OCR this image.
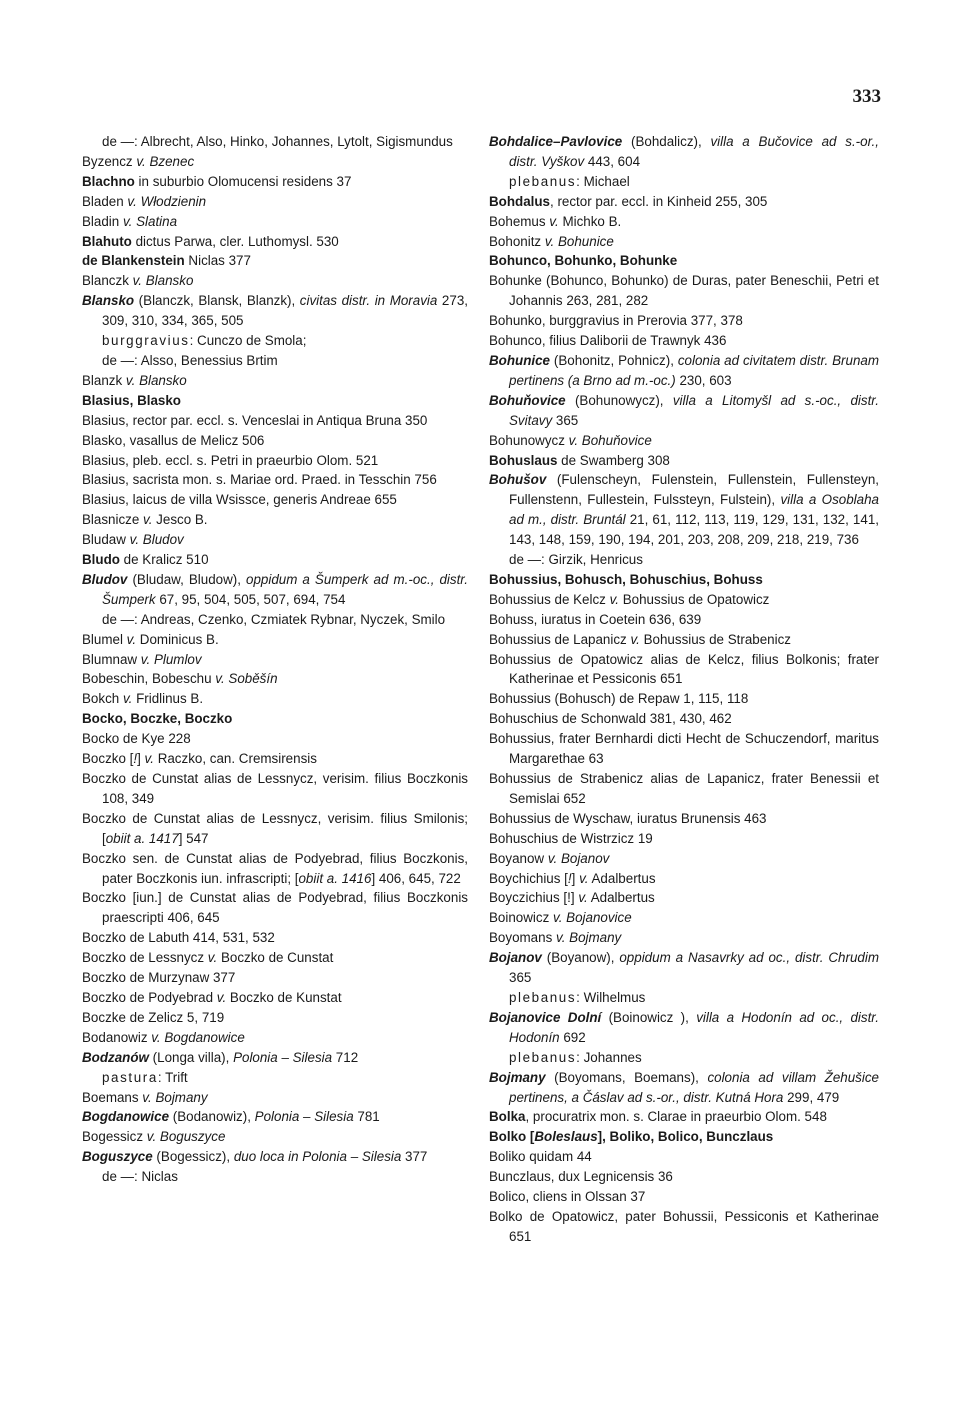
333
de —: Albrecht, Also, Hinko, Johannes, Lytolt, Sigismundus
Byzencz v. Bzenec
Blachno in suburbio Olomucensi residens 37
Bladen v. Włodzienin
Bladin v. Slatina
Blahuto dictus Parwa, cler. Luthomysl. 530
de Blankenstein Niclas 377
Blanczk v. Blansko
Blansko (Blanczk, Blansk, Blanzk), civitas distr. in Moravia 273, 309, 310, 334, 365, 505
burggravius: Cunczo de Smola;
de —: Alsso, Benessius Brtim
Blanzk v. Blansko
Blasius, Blasko
Blasius, rector par. eccl. s. Venceslai in Antiqua Bruna 350
Blasko, vasallus de Melicz 506
Blasius, pleb. eccl. s. Petri in praeurbio Olom. 521
Blasius, sacrista mon. s. Mariae ord. Praed. in Tesschin 756
Blasius, laicus de villa Wsissce, generis Andreae 655
Blasnicze v. Jesco B.
Bludaw v. Bludov
Bludo de Kralicz 510
Bludov (Bludaw, Bludow), oppidum a Šumperk ad m.-oc., distr. Šumperk 67, 95, 504, 505, 507, 694, 754
de —: Andreas, Czenko, Czmiatek Rybnar, Nyczek, Smilo
Blumel v. Dominicus B.
Blumnaw v. Plumlov
Bobeschin, Bobeschu v. Soběšín
Bokch v. Fridlinus B.
Bocko, Boczke, Boczko
Bocko de Kye 228
Boczko [!] v. Raczko, can. Cremsirensis
Boczko de Cunstat alias de Lessnycz, verisim. filius Boczkonis 108, 349
Boczko de Cunstat alias de Lessnycz, verisim. filius Smilonis; [obiit a. 1417] 547
Boczko sen. de Cunstat alias de Podyebrad, filius Boczkonis, pater Boczkonis iun. infrascripti; [obiit a. 1416] 406, 645, 722
Boczko [iun.] de Cunstat alias de Podyebrad, filius Boczkonis praescripti 406, 645
Boczko de Labuth 414, 531, 532
Boczko de Lessnycz v. Boczko de Cunstat
Boczko de Murzynaw 377
Boczko de Podyebrad v. Boczko de Kunstat
Boczke de Zelicz 5, 719
Bodanowiz v. Bogdanowice
Bodzanów (Longa villa), Polonia – Silesia 712
pastura: Trift
Boemans v. Bojmany
Bogdanowice (Bodanowiz), Polonia – Silesia 781
Bogessicz v. Boguszyce
Boguszyce (Bogessicz), duo loca in Polonia – Silesia 377
de —: Niclas
Bohdalice–Pavlovice (Bohdalicz), villa a Bučovice ad s.-or., distr. Vyškov 443, 604
plebanus: Michael
Bohdalus, rector par. eccl. in Kinheid 255, 305
Bohemus v. Michko B.
Bohonitz v. Bohunice
Bohunco, Bohunko, Bohunke
Bohunke (Bohunco, Bohunko) de Duras, pater Beneschii, Petri et Johannis 263, 281, 282
Bohunko, burggravius in Prerovia 377, 378
Bohunco, filius Daliborii de Trawnyk 436
Bohunice (Bohonitz, Pohnicz), colonia ad civitatem distr. Brunam pertinens (a Brno ad m.-oc.) 230, 603
Bohuňovice (Bohunowycz), villa a Litomyšl ad s.-oc., distr. Svitavy 365
Bohunowycz v. Bohuňovice
Bohuslaus de Swamberg 308
Bohušov (Fulenscheyn, Fulenstein, Fullenstein, Fullensteyn, Fullenstenn, Fullestein, Fulssteyn, Fulstein), villa a Osoblaha ad m., distr. Bruntál 21, 61, 112, 113, 119, 129, 131, 132, 141, 143, 148, 159, 190, 194, 201, 203, 208, 209, 218, 219, 736
de —: Girzik, Henricus
Bohussius, Bohusch, Bohuschius, Bohuss
Bohussius de Kelcz v. Bohussius de Opatowicz
Bohuss, iuratus in Coetein 636, 639
Bohussius de Lapanicz v. Bohussius de Strabenicz
Bohussius de Opatowicz alias de Kelcz, filius Bolkonis; frater Katherinae et Pessiconis 651
Bohussius (Bohusch) de Repaw 1, 115, 118
Bohuschius de Schonwald 381, 430, 462
Bohussius, frater Bernhardi dicti Hecht de Schuczendorf, maritus Margarethae 63
Bohussius de Strabenicz alias de Lapanicz, frater Benessii et Semislai 652
Bohussius de Wyschaw, iuratus Brunensis 463
Bohuschius de Wistrzicz 19
Boyanow v. Bojanov
Boychichius [!] v. Adalbertus
Boyczichius [!] v. Adalbertus
Boinowicz v. Bojanovice
Boyomans v. Bojmany
Bojanov (Boyanow), oppidum a Nasavrky ad oc., distr. Chrudim 365
plebanus: Wilhelmus
Bojanovice Dolní (Boinowicz ), villa a Hodonín ad oc., distr. Hodonín 692
plebanus: Johannes
Bojmany (Boyomans, Boemans), colonia ad villam Žehušice pertinens, a Čáslav ad s.-or., distr. Kutná Hora 299, 479
Bolka, procuratrix mon. s. Clarae in praeurbio Olom. 548
Bolko [Boleslaus], Boliko, Bolico, Bunczlaus
Boliko quidam 44
Bunczlaus, dux Legnicensis 36
Bolico, cliens in Olssan 37
Bolko de Opatowicz, pater Bohussii, Pessiconis et Katherinae 651
